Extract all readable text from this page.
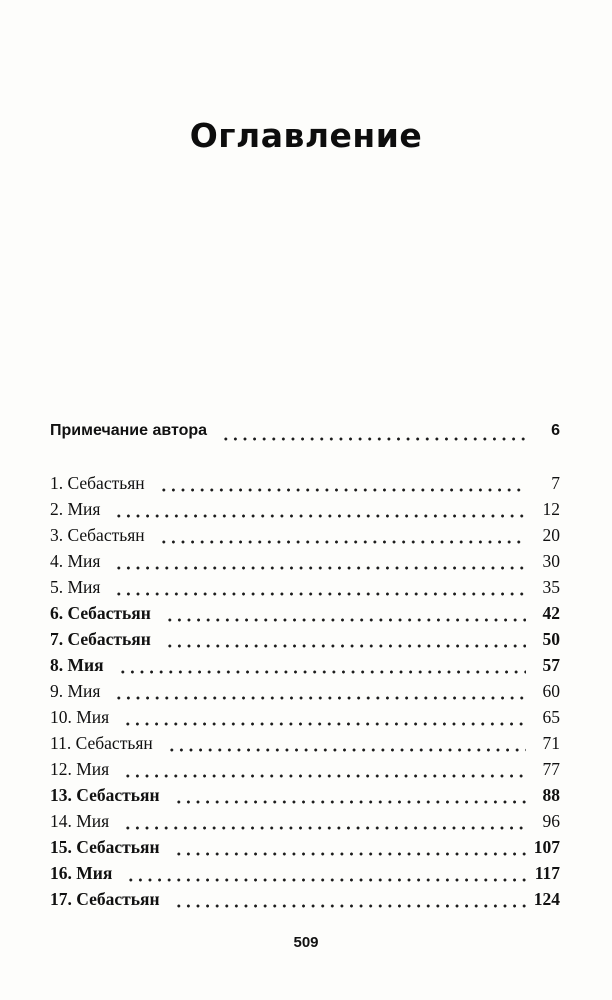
Оглавление
Примечание автора	6
1. Себастьян	7
2. Мия	12
3. Себастьян	20
4. Мия	30
5. Мия	35
6. Себастьян	42
7. Себастьян	50
8. Мия	57
9. Мия	60
10. Мия	65
11. Себастьян	71
12. Мия	77
13. Себастьян	88
14. Мия	96
15. Себастьян	107
16. Мия	117
17. Себастьян	124
509
